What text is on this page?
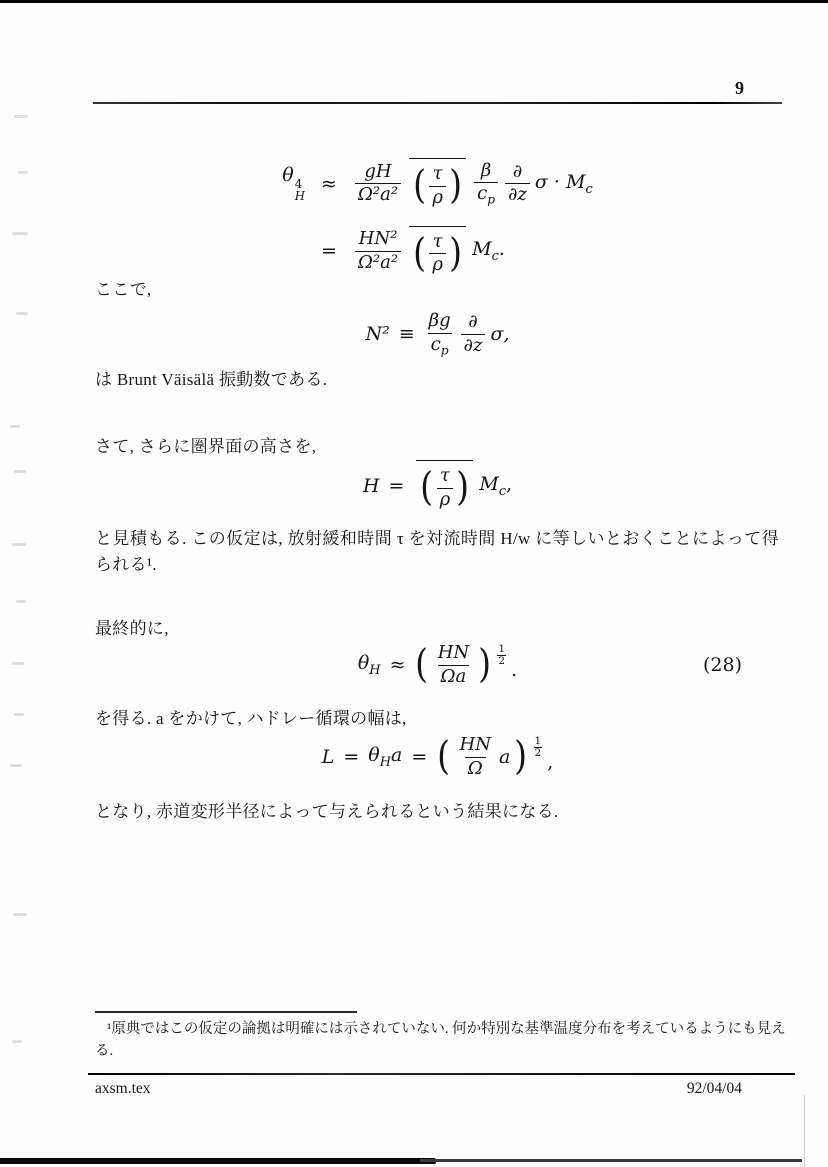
9
θ 4
H
≈ $\frac{gH}{\text{Ω²a²}}$ ( $\frac{\tau}{\rho}$ ) $\frac{\beta}{c_p} \frac{\partial}{\partial z}$ $\sigma \cdot M_c$
= $\frac{\text{HN²}}{\text{Ω²a²}}$ ( $\frac{\tau}{\rho}$ ) $M_c$.
ここで,
$N^2 \equiv \frac{\beta g}{c_p} \frac{\partial}{\partial z} \sigma$,
は Brunt Väisälä 振動数である.
さて, さらに圏界面の高さを,
H = ( $\frac{\tau}{\rho}$ ) $M_c$,
と見積もる. この仮定は, 放射緩和時間 τ を対流時間 H/w に等しいとおくことによって得られる¹.
最終的に,
$\theta_H$ ≈ ( $\frac{HN}{\Omega a}$ ) 1
2 .	(28)
を得る. a をかけて, ハドレー循環の幅は,
$L = \theta_Ha$ = ( $\frac{HN}{\Omega}$ a ) 1
2 ,
となり, 赤道変形半径によって与えられるという結果になる.
¹原典ではこの仮定の論拠は明確には示されていない. 何か特別な基準温度分布を考えているようにも見える.
axsm.tex	92/04/04
